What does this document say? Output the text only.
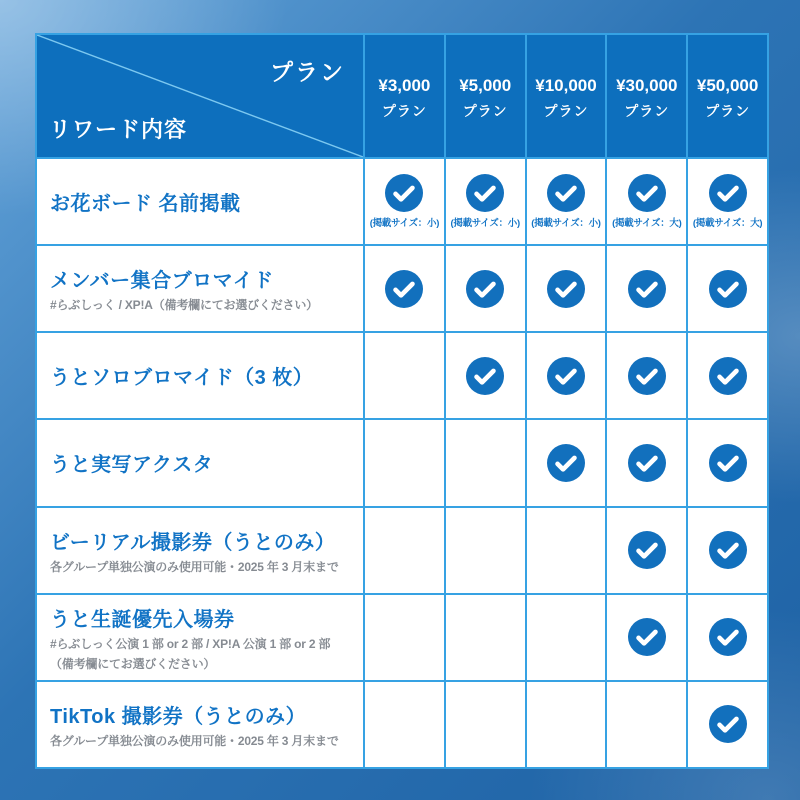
プラン
リワード内容
¥3,000
プラン
¥5,000
プラン
¥10,000
プラン
¥30,000
プラン
¥50,000
プラン
お花ボード 名前掲載
(掲載サイズ：小) (掲載サイズ：小) (掲載サイズ：小) (掲載サイズ：大) (掲載サイズ：大)
メンバー集合ブロマイド
#らぶしっく / XP!A（備考欄にてお選びください）
うとソロブロマイド（3 枚）
うと実写アクスタ
ビーリアル撮影券（うとのみ）
各グループ単独公演のみ使用可能・2025 年 3 月末まで
うと生誕優先入場券
#らぶしっく公演 1 部 or 2 部 / XP!A 公演 1 部 or 2 部
（備考欄にてお選びください）
TikTok 撮影券（うとのみ）
各グループ単独公演のみ使用可能・2025 年 3 月末まで
